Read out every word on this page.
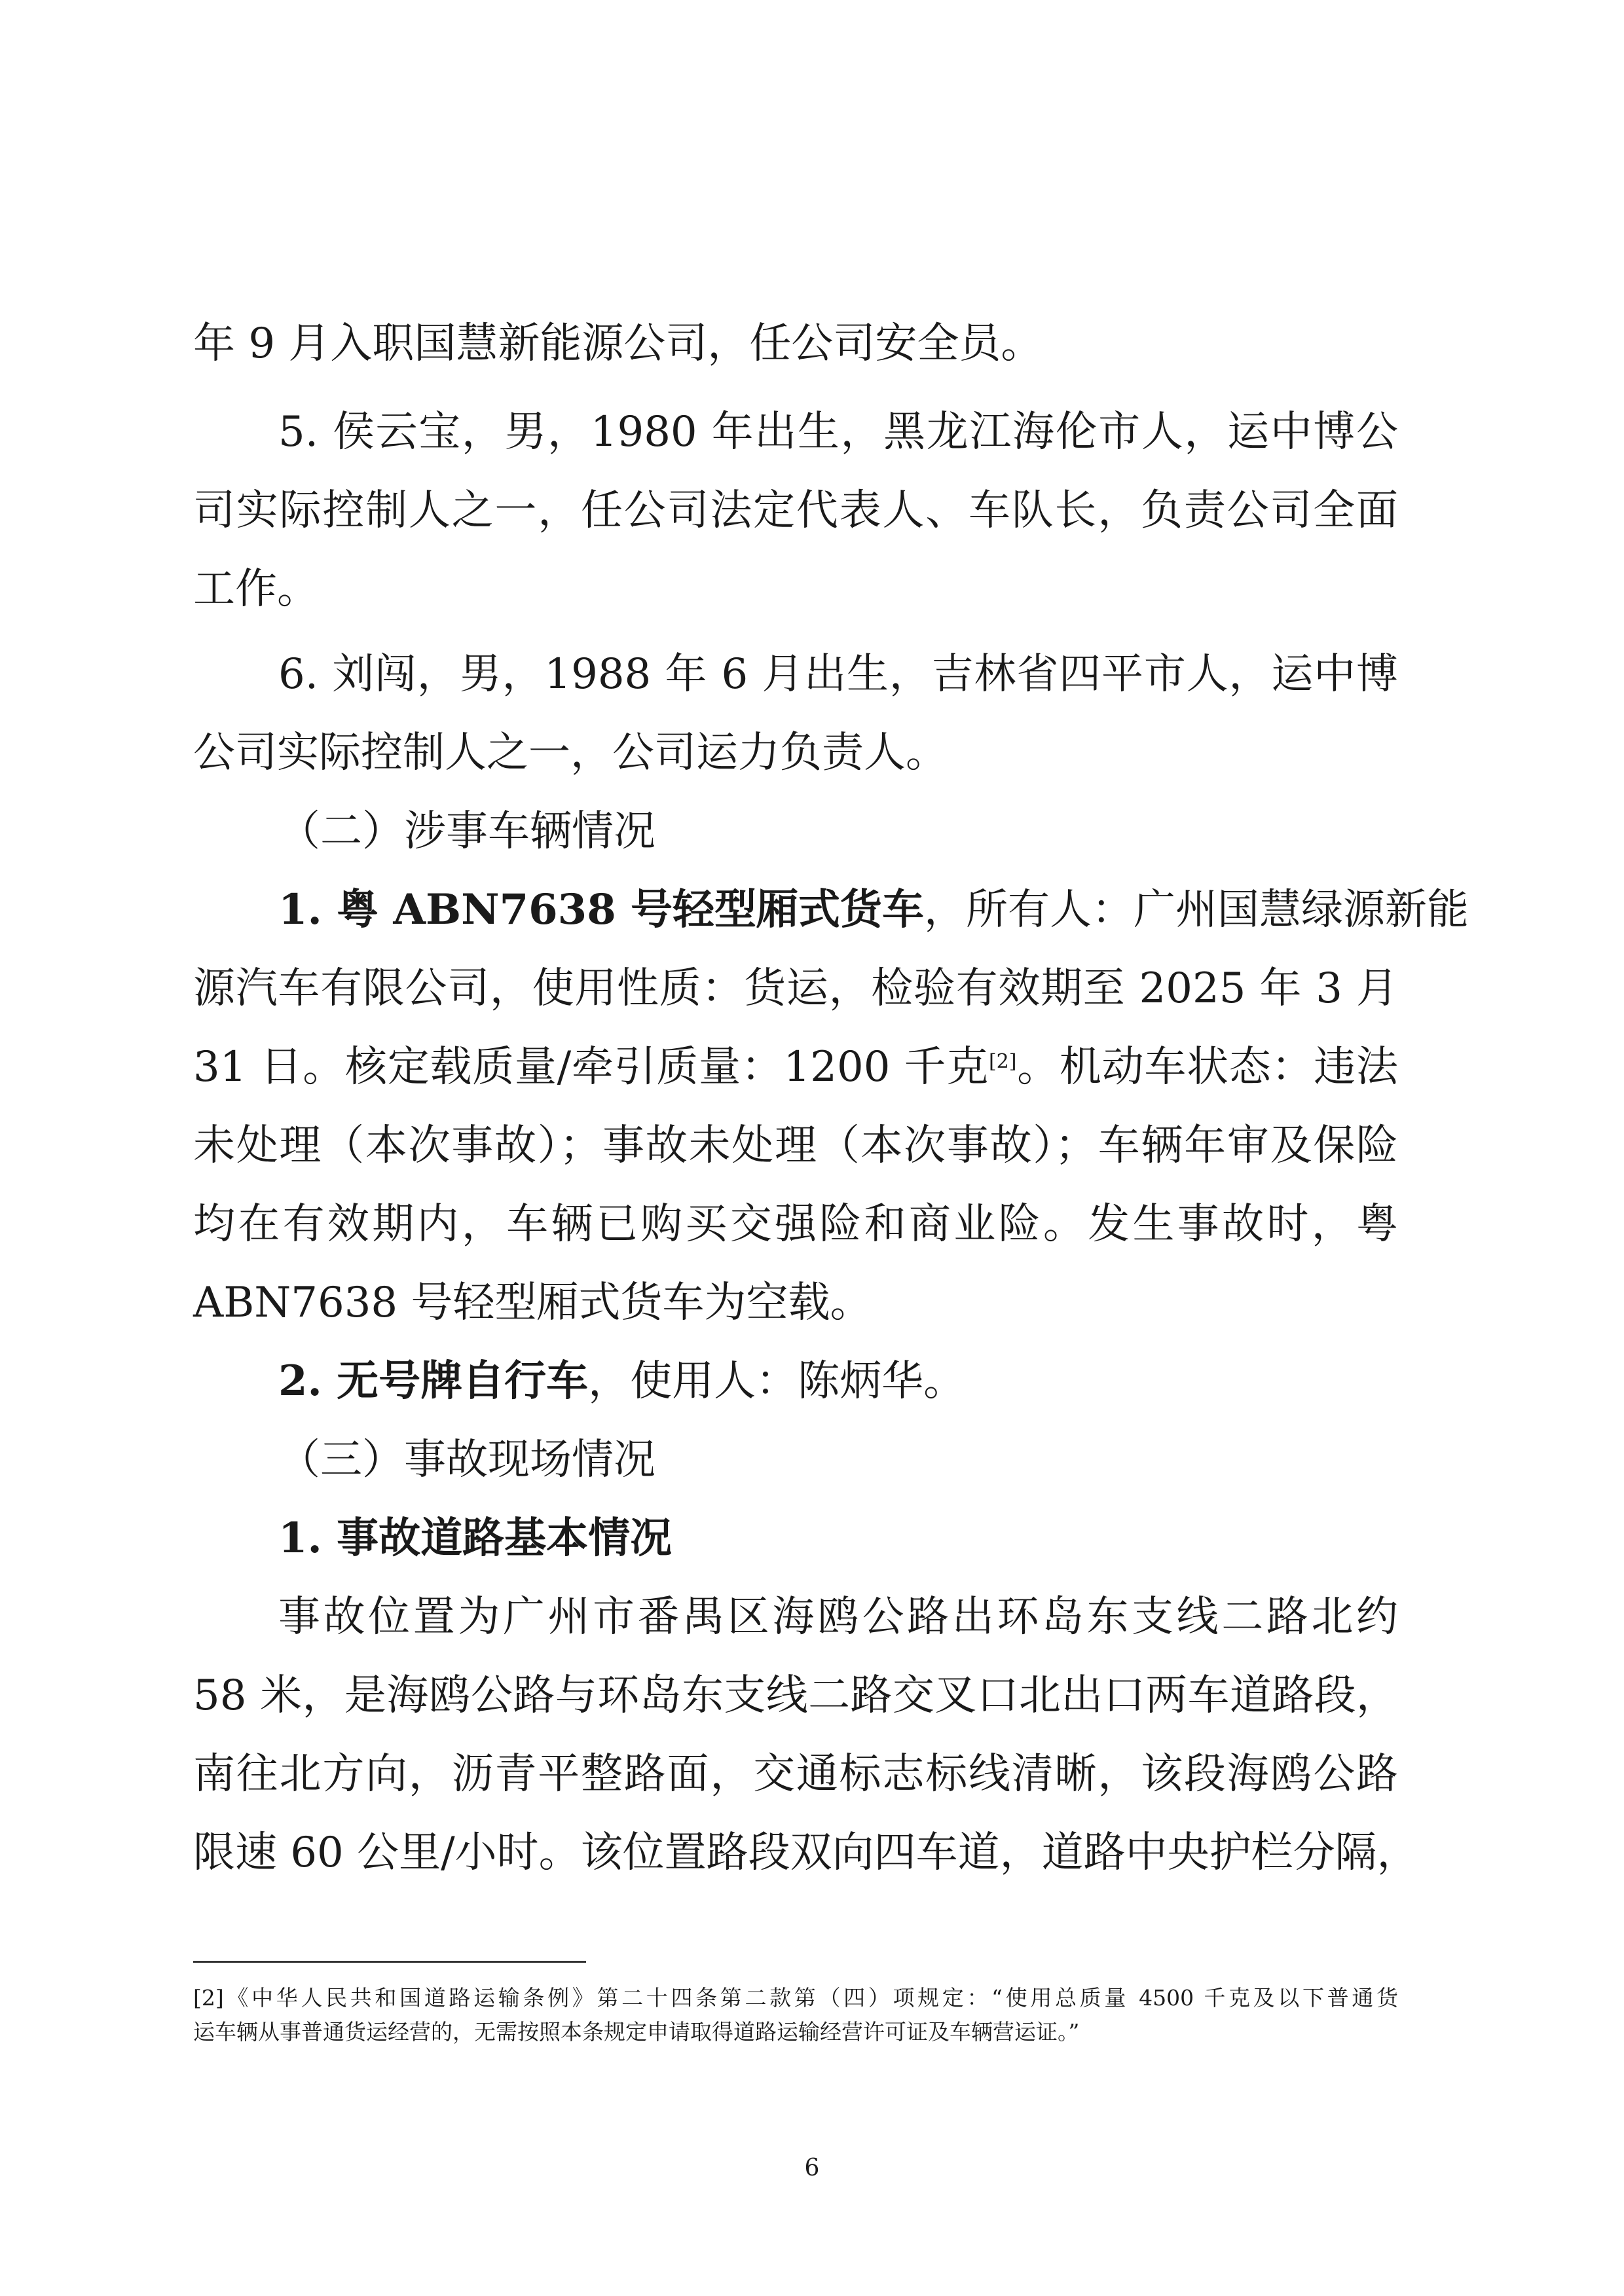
年 9 月入职国慧新能源公司，任公司安全员。
5. 侯云宝，男，1980 年出生，黑龙江海伦市人，运中博公
司实际控制人之一，任公司法定代表人、车队长，负责公司全面
工作。
6. 刘闯，男，1988 年 6 月出生，吉林省四平市人，运中博
公司实际控制人之一，公司运力负责人。
（二）涉事车辆情况
1. 粤 ABN7638 号轻型厢式货车，所有人：广州国慧绿源新能
源汽车有限公司，使用性质：货运，检验有效期至 2025 年 3 月
31 日。核定载质量/牵引质量：1200 千克[2]。机动车状态：违法
未处理（本次事故）；事故未处理（本次事故）；车辆年审及保险
均在有效期内，车辆已购买交强险和商业险。发生事故时，粤
ABN7638 号轻型厢式货车为空载。
2. 无号牌自行车，使用人：陈炳华。
（三）事故现场情况
1. 事故道路基本情况
事故位置为广州市番禺区海鸥公路出环岛东支线二路北约
58 米，是海鸥公路与环岛东支线二路交叉口北出口两车道路段，
南往北方向，沥青平整路面，交通标志标线清晰，该段海鸥公路
限速 60 公里/小时。该位置路段双向四车道，道路中央护栏分隔，
[2]《中华人民共和国道路运输条例》第二十四条第二款第（四）项规定：“使用总质量 4500 千克及以下普通货
运车辆从事普通货运经营的，无需按照本条规定申请取得道路运输经营许可证及车辆营运证。”
6
